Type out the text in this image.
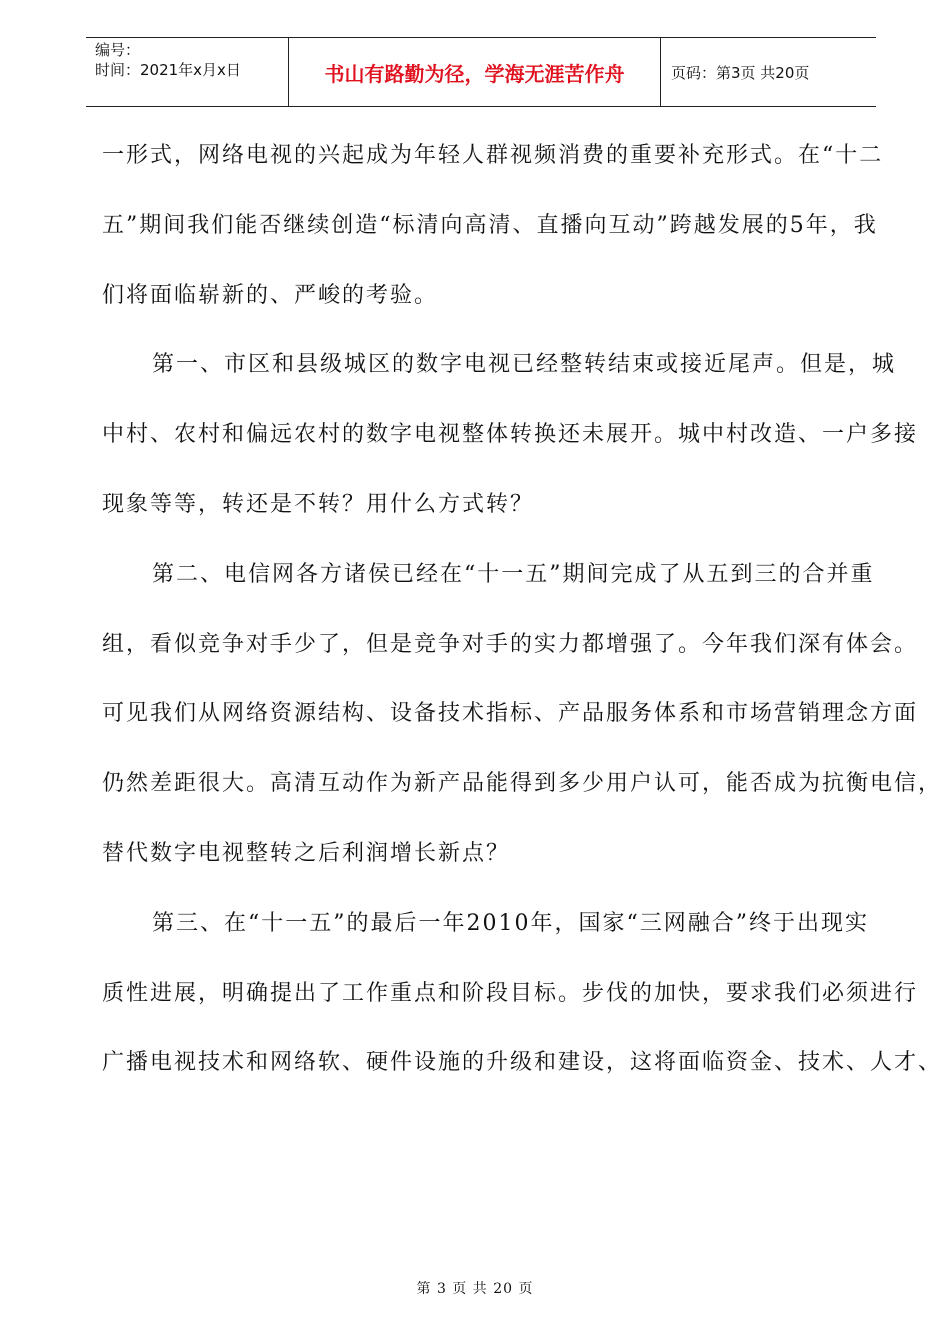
编号：
时间：2021年x月x日	书山有路勤为径，学海无涯苦作舟	页码：第3页 共20页
一形式，网络电视的兴起成为年轻人群视频消费的重要补充形式。在“十二
五”期间我们能否继续创造“标清向高清、直播向互动”跨越发展的5年，我
们将面临崭新的、严峻的考验。
第一、市区和县级城区的数字电视已经整转结束或接近尾声。但是，城
中村、农村和偏远农村的数字电视整体转换还未展开。城中村改造、一户多接
现象等等，转还是不转？用什么方式转？
第二、电信网各方诸侯已经在“十一五”期间完成了从五到三的合并重
组，看似竞争对手少了，但是竞争对手的实力都增强了。今年我们深有体会。
可见我们从网络资源结构、设备技术指标、产品服务体系和市场营销理念方面
仍然差距很大。高清互动作为新产品能得到多少用户认可，能否成为抗衡电信，
替代数字电视整转之后利润增长新点？
第三、在“十一五”的最后一年2010年，国家“三网融合”终于出现实
质性进展，明确提出了工作重点和阶段目标。步伐的加快，要求我们必须进行
广播电视技术和网络软、硬件设施的升级和建设，这将面临资金、技术、人才、
第 3 页 共 20 页
